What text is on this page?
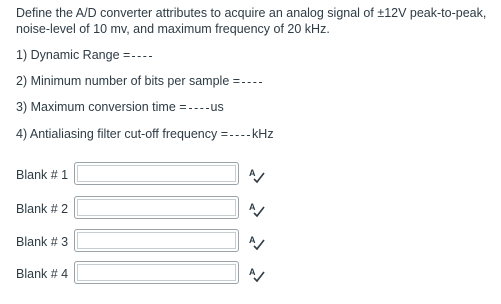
Define the A/D converter attributes to acquire an analog signal of ±12V peak-to-peak, noise-level of 10 mv, and maximum frequency of 20 kHz.
1) Dynamic Range =
2) Minimum number of bits per sample =
3) Maximum conversion time = us
4) Antialiasing filter cut-off frequency = kHz
Blank # 1	A
Blank # 2	A
Blank # 3	A
Blank # 4	A
